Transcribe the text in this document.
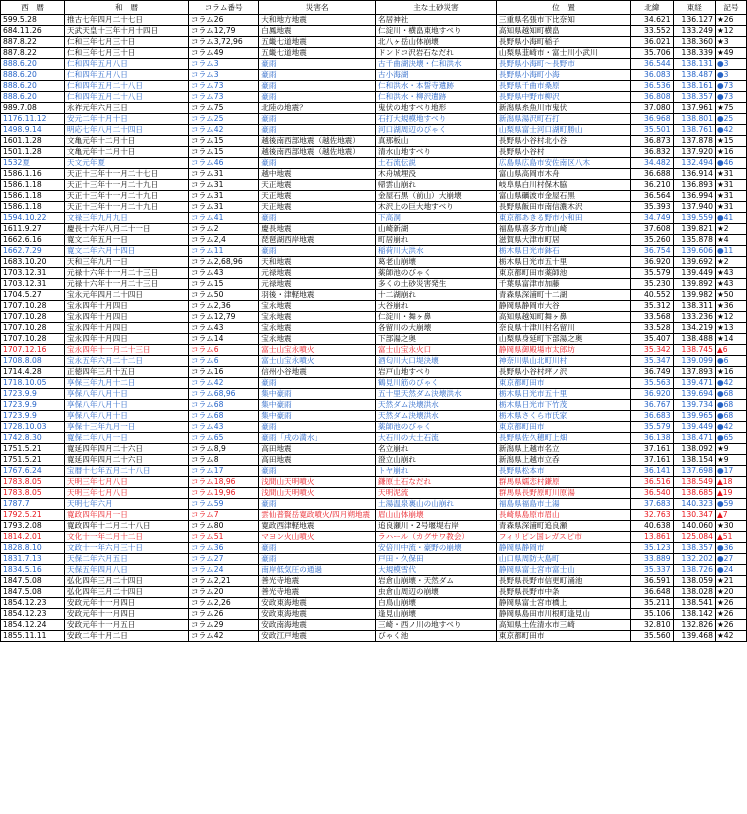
西　暦	和　暦	コラム番号	災害名	主な土砂災害	位　置	北緯	東経	記号
599.5.28	推古七年四月二十七日	コラム26	大和地方地震	名居神社	三重県名張市下比奈知	34.621	136.127	★26
684.11.26	天武天皇十三年十月十四日	コラム12,79	白鳳地震	仁淀川・横畠東地すべり	高知県越知町横畠	33.552	133.249	★12
887.8.22	仁和三年七月三十日	コラム3,72,96	五畿七道地震	北八ヶ岳山体崩壊	長野県小海町稲子	36.021	138.360	★3
887.8.22	仁和三年七月三十日	コラム49	五畿七道地震	ドンドコ沢岩石なだれ	山梨県韮崎市・富士川小武川	35.706	138.339	★49
888.6.20	仁和四年五月八日	コラム3	豪雨	古千曲湖決壊・仁和洪水	長野県小海町〜長野市	36.544	138.131	●3
888.6.20	仁和四年五月八日	コラム3	豪雨	古小海湖	長野県小海町小海	36.083	138.487	●3
888.6.20	仁和四年五月二十八日	コラム73	豪雨	仁和洪水・本誓寺遺跡	長野県千曲市桑原	36.536	138.161	●73
888.6.20	仁和四年五月二十八日	コラム73	豪雨	仁和洪水・柳沢遺跡	長野県中野市柳沢	36.808	138.357	●73
989.7.08	永祚元年六月三日	コラム75	北陸の地震？	鬼伏の地すべり地形	新潟県糸魚川市鬼伏	37.080	137.961	★75
1176.11.12	安元二年十月十日	コラム25	豪雨	石打大規模地すべり	新潟県湯沢町石打	36.968	138.801	●25
1498.9.14	明応七年八月二十四日	コラム42	豪雨	河口湖周辺のびゃく	山梨県富士河口湖町勝山	35.501	138.761	●42
1601.1.28	文亀元年十二月十日	コラム15	越後南西部地震（越佐地震）	真那板山	長野県小谷村北小谷	36.873	137.878	★15
1501.1.28	文亀元年十二月十日	コラム15	越後南西部地震（越佐地震）	清水山地すべり	長野県小谷村	36.832	137.920	★16
1532夏	天文元年夏	コラム46	豪雨	土石流伝説	広島県広島市安佐南区八木	34.482	132.494	●46
1586.1.16	天正十三年十一月二十七日	コラム31	越中地震	木舟城埋没	富山県高岡市木舟	36.688	136.914	★31
1586.1.18	天正十三年十一月二十九日	コラム31	天正地震	帰雲山崩れ	岐阜県白川村保木脇	36.210	136.893	★31
1586.1.18	天正十三年十一月二十九日	コラム31	天正地震	金屋石黒（前山）大崩壊	富山県礪波市金屋石黒	36.564	136.994	★31
1586.1.18	天正十三年十一月二十九日	コラム31	天正地震	木沢上の巨大地すべり	長野県飯田市南信濃木沢	35.393	137.940	★31
1594.10.22	文禄三年九月九日	コラム41	豪雨	下高洞	東京都あきる野市小和田	34.749	139.559	●41
1611.9.27	慶長十六年八月二十一日	コラム2	慶長地震	山崎新湖	福島県喜多方市山崎	37.608	139.821	★2
1662.6.16	寛文二年五月一日	コラム2,4	琵琶湖西岸地震	町居崩れ	滋賀県大津市町居	35.260	135.878	★4
1662.7.29	寛文二年六月十四日	コラム11	豪雨	稲荷川大洪水	栃木県日光市鉢石	36.754	139.606	●11
1683.10.20	天和三年九月一日	コラム2,68,96	天和地震	葛老山崩壊	栃木県日光市五十里	36.920	139.692	★2
1703.12.31	元禄十六年十一月二十三日	コラム43	元禄地震	薬師池のびゃく	東京都町田市薬師池	35.579	139.449	★43
1703.12.31	元禄十六年十一月二十三日	コラム15	元禄地震	多くの土砂災害発生	千葉県富津市加藤	35.230	139.892	★43
1704.5.27	宝永元年四月二十四日	コラム50	羽後・津軽地震	十二湖崩れ	青森県深浦町十二湖	40.552	139.982	★50
1707.10.28	宝永四年十月四日	コラム2,36	宝永地震	大谷崩れ	静岡県静岡市大谷	35.312	138.311	★36
1707.10.28	宝永四年十月四日	コラム12,79	宝永地震	仁淀川・舞ヶ鼻	高知県越知町舞ヶ鼻	33.568	133.236	★12
1707.10.28	宝永四年十月四日	コラム43	宝永地震	各留川の大崩壊	奈良県十津川村名留川	33.528	134.219	★13
1707.10.28	宝永四年十月四日	コラム14	宝永地震	下部湯之奥	山梨県身延町下部湯之奥	35.407	138.488	★14
1707.12.16	宝永四年十一月二十三日	コラム6	富士山宝永噴火	富士山宝永火口	静岡県御殿場市太郎坊	35.342	138.745	▲6
1708.8.08	宝永五年六月二十二日	コラム6	富士山宝永噴火	酒匂川大口堤決壊	神奈川県山北町川村	35.347	139.099	●6
1714.4.28	正徳四年三月十五日	コラム16	信州小谷地震	岩戸山地すべり	長野県小谷村坪ノ沢	36.749	137.893	★16
1718.10.05	享保三年九月十二日	コラム42	豪雨	鶴見川筋のびゃく	東京都町田市	35.563	139.471	●42
1723.9.9	享保八年八月十日	コラム68,96	集中豪雨	五十里天然ダム決壊洪水	栃木県日光市五十里	36.920	139.694	●68
1723.9.9	享保八年八月十日	コラム68	集中豪雨	天然ダム決壊洪水	栃木県日光市下竹茂	36.767	139.734	●68
1723.9.9	享保八年八月十日	コラム68	集中豪雨	天然ダム決壊洪水	栃木県さくら市氏家	36.683	139.965	●68
1728.10.03	享保十三年九月一日	コラム43	豪雨	薬師池のびゃく	東京都町田市	35.579	139.449	●42
1742.8.30	寛保二年八月一日	コラム65	豪雨「戌の満水」	大石川の大土石流	長野県佐久穂町上畑	36.138	138.471	●65
1751.5.21	寛延四年四月二十六日	コラム8,9	高田地震	名立崩れ	新潟県上越市名立	37.161	138.092	★9
1751.5.21	寛延四年四月二十六日	コラム8	高田地震	澄立山崩れ	新潟県上越市立呑	37.161	138.154	★9
1767.6.24	宝暦十七年五月二十八日	コラム17	豪雨	トヤ崩れ	長野県松本市	36.141	137.698	●17
1783.8.05	天明三年七月八日	コラム18,96	浅間山天明噴火	鎌原土石なだれ	群馬県嬬恋村鎌原	36.516	138.549	▲18
1783.8.05	天明三年七月八日	コラム19,96	浅間山天明噴火	天明泥流	群馬県長野原町川原湯	36.540	138.685	▲19
1787.7	天明七年六月	コラム59	豪雨	土湯温泉裏山の山崩れ	福島県福島市土湯	37.683	140.323	●59
1792.5.21	寛政四年四月一日	コラム7	雲仙普賢岳寛政噴火/四月朔地震	眉山山体崩壊	長崎県島原市眉山	32.763	130.347	▲7
1793.2.08	寛政四年十二月二十八日	コラム80	寛政西津軽地震	追良瀬川・2号堰堤右岸	青森県深浦町追良瀬	40.638	140.060	★30
1814.2.01	文化十一年二月十二日	コラム51	マヨン火山噴火	ラハール（カグサワ教会）	フィリピン国レガスピ市	13.861	125.084	▲51
1828.8.10	文政十一年六月三十日	コラム36	豪雨	安倍川中流・豪野の崩壊	静岡県静岡市	35.123	138.357	●36
1831.7.13	天保二年六月五日	コラム27	豪雨	戸田・久保田	山口県周防大島町	33.889	132.202	●27
1834.5.16	天保五年四月八日	コラム24	南岸低気圧の通過	大規模雪代	静岡県富士宮市富士山	35.337	138.726	●24
1847.5.08	弘化四年三月二十四日	コラム2,21	善光寺地震	岩倉山崩壊・天然ダム	長野県長野市信更町涌池	36.591	138.059	★21
1847.5.08	弘化四年三月二十四日	コラム20	善光寺地震	虫倉山周辺の崩壊	長野県長野市中条	36.648	138.028	★20
1854.12.23	安政元年十一月四日	コラム2,26	安政東海地震	白鳥山崩壊	静岡県富士宮市橋上	35.211	138.541	★26
1854.12.23	安政元年十一月四日	コラム26	安政東海地震	逢見山崩壊	静岡県島田市川根町逢見山	35.106	138.142	★26
1854.12.24	安政元年十一月五日	コラム29	安政南海地震	三崎・西ノ川の地すべり	高知県土佐清水市三崎	32.810	132.826	★26
1855.11.11	安政二年十月二日	コラム42	安政江戸地震	びゃく池	東京都町田市	35.560	139.468	★42
